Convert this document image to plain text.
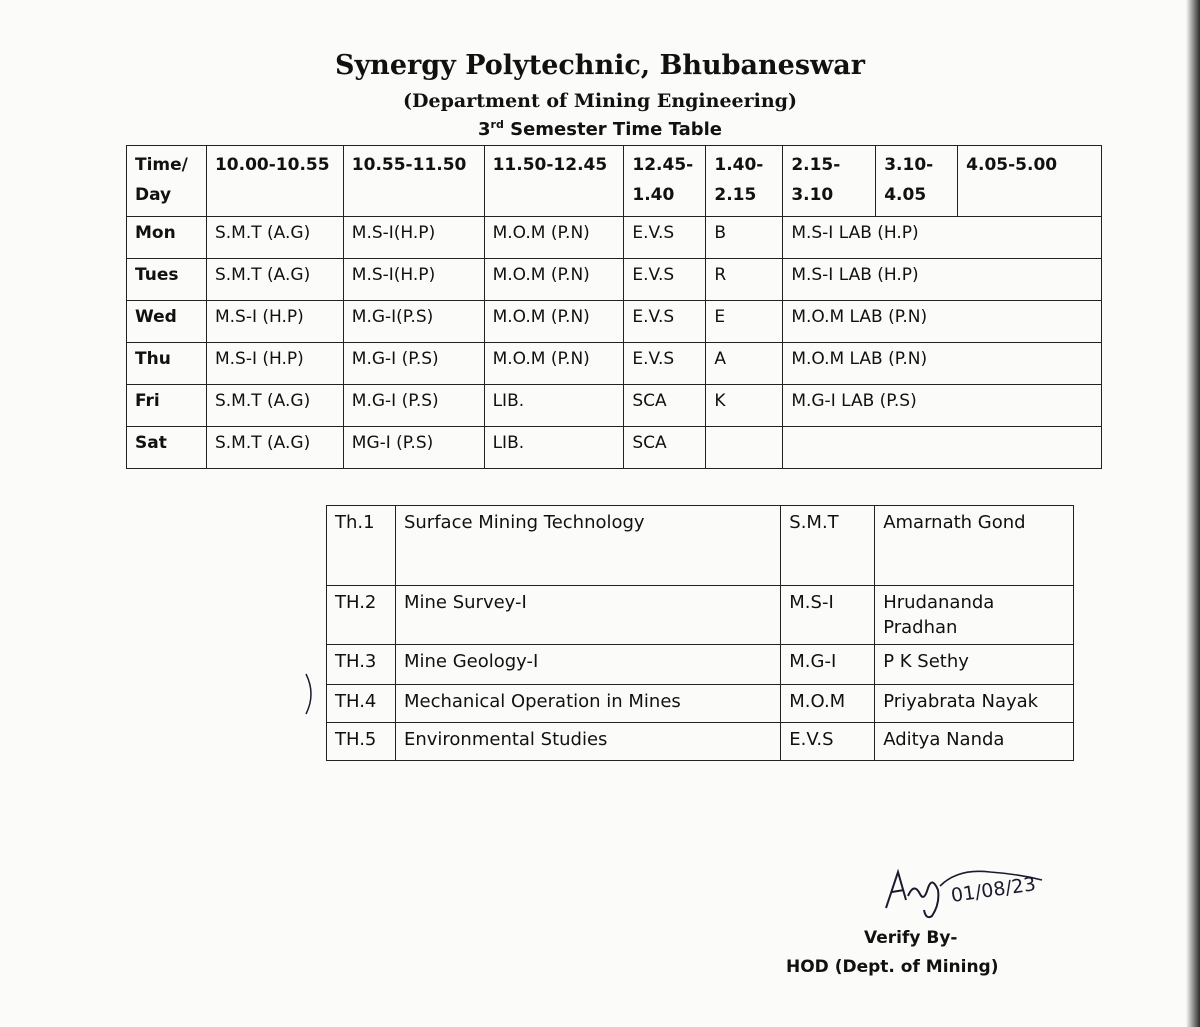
Synergy Polytechnic, Bhubaneswar
(Department of Mining Engineering)
3rd Semester Time Table
Time/ Day	10.00-10.55	10.55-11.50	11.50-12.45	12.45-1.40	1.40-2.15	2.15-3.10	3.10-4.05	4.05-5.00
Mon	S.M.T (A.G)	M.S-I(H.P)	M.O.M (P.N)	E.V.S	B	M.S-I LAB (H.P)		
Tues	S.M.T (A.G)	M.S-I(H.P)	M.O.M (P.N)	E.V.S	R	M.S-I LAB (H.P)		
Wed	M.S-I (H.P)	M.G-I(P.S)	M.O.M (P.N)	E.V.S	E	M.O.M LAB (P.N)		
Thu	M.S-I (H.P)	M.G-I (P.S)	M.O.M (P.N)	E.V.S	A	M.O.M LAB (P.N)		
Fri	S.M.T (A.G)	M.G-I (P.S)	LIB.	SCA	K	M.G-I LAB (P.S)		
Sat	S.M.T (A.G)	MG-I (P.S)	LIB.	SCA				
Th.1	Surface Mining Technology	S.M.T	Amarnath Gond
TH.2	Mine Survey-I	M.S-I	Hrudananda Pradhan
TH.3	Mine Geology-I	M.G-I	P K Sethy
TH.4	Mechanical Operation in Mines	M.O.M	Priyabrata Nayak
TH.5	Environmental Studies	E.V.S	Aditya Nanda
01/08/23
Verify By-
HOD (Dept. of Mining)
